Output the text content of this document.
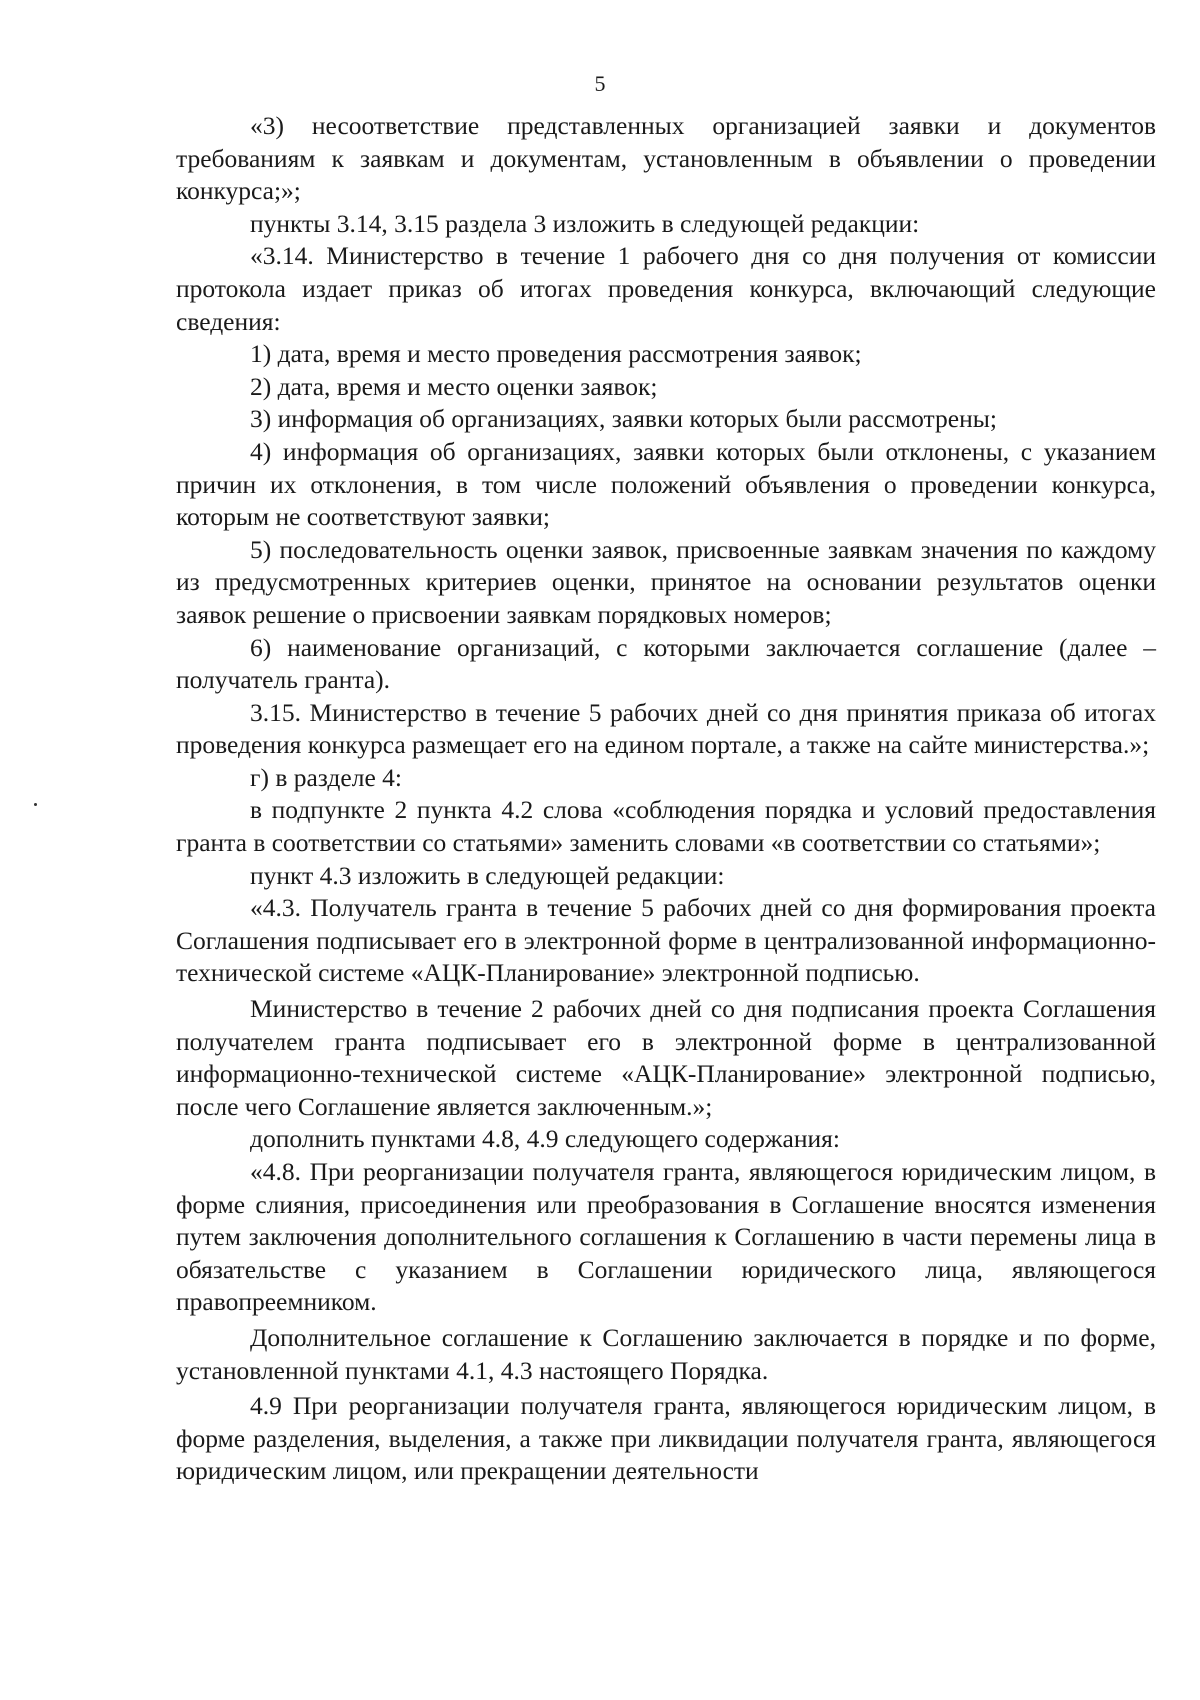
5

«3) несоответствие представленных организацией заявки и документов требованиям к заявкам и документам, установленным в объявлении о проведении конкурса;»;

пункты 3.14, 3.15 раздела 3 изложить в следующей редакции:

«3.14. Министерство в течение 1 рабочего дня со дня получения от комиссии протокола издает приказ об итогах проведения конкурса, включающий следующие сведения:

1) дата, время и место проведения рассмотрения заявок;

2) дата, время и место оценки заявок;

3) информация об организациях, заявки которых были рассмотрены;

4) информация об организациях, заявки которых были отклонены, с указанием причин их отклонения, в том числе положений объявления о проведении конкурса, которым не соответствуют заявки;

5) последовательность оценки заявок, присвоенные заявкам значения по каждому из предусмотренных критериев оценки, принятое на основании результатов оценки заявок решение о присвоении заявкам порядковых номеров;

6) наименование организаций, с которыми заключается соглашение (далее – получатель гранта).

3.15. Министерство в течение 5 рабочих дней со дня принятия приказа об итогах проведения конкурса размещает его на едином портале, а также на сайте министерства.»;

г) в разделе 4:

в подпункте 2 пункта 4.2 слова «соблюдения порядка и условий предоставления гранта в соответствии со статьями» заменить словами «в соответствии со статьями»;

пункт 4.3 изложить в следующей редакции:

«4.3. Получатель гранта в течение 5 рабочих дней со дня формирования проекта Соглашения подписывает его в электронной форме в централизованной информационно-технической системе «АЦК-Планирование» электронной подписью.

Министерство в течение 2 рабочих дней со дня подписания проекта Соглашения получателем гранта подписывает его в электронной форме в централизованной информационно-технической системе «АЦК-Планирование» электронной подписью, после чего Соглашение является заключенным.»;

дополнить пунктами 4.8, 4.9 следующего содержания:

«4.8. При реорганизации получателя гранта, являющегося юридическим лицом, в форме слияния, присоединения или преобразования в Соглашение вносятся изменения путем заключения дополнительного соглашения к Соглашению в части перемены лица в обязательстве с указанием в Соглашении юридического лица, являющегося правопреемником.

Дополнительное соглашение к Соглашению заключается в порядке и по форме, установленной пунктами 4.1, 4.3 настоящего Порядка.

4.9 При реорганизации получателя гранта, являющегося юридическим лицом, в форме разделения, выделения, а также при ликвидации получателя гранта, являющегося юридическим лицом, или прекращении деятельности
